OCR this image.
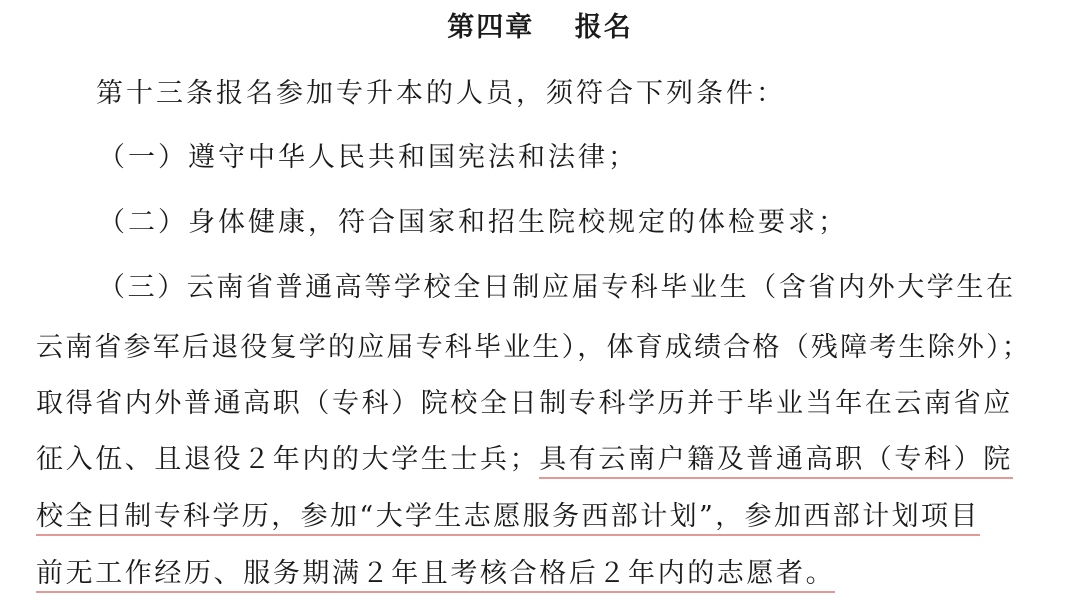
第四章　 报名
第十三条报名参加专升本的人员，须符合下列条件：
（一）遵守中华人民共和国宪法和法律；
（二）身体健康，符合国家和招生院校规定的体检要求；
（三）云南省普通高等学校全日制应届专科毕业生（含省内外大学生在
云南省参军后退役复学的应届专科毕业生），体育成绩合格（残障考生除外）；
取得省内外普通高职（专科）院校全日制专科学历并于毕业当年在云南省应
征入伍、且退役２年内的大学生士兵；具有云南户籍及普通高职（专科）院
校全日制专科学历，参加“大学生志愿服务西部计划”，参加西部计划项目
前无工作经历、服务期满２年且考核合格后２年内的志愿者。
